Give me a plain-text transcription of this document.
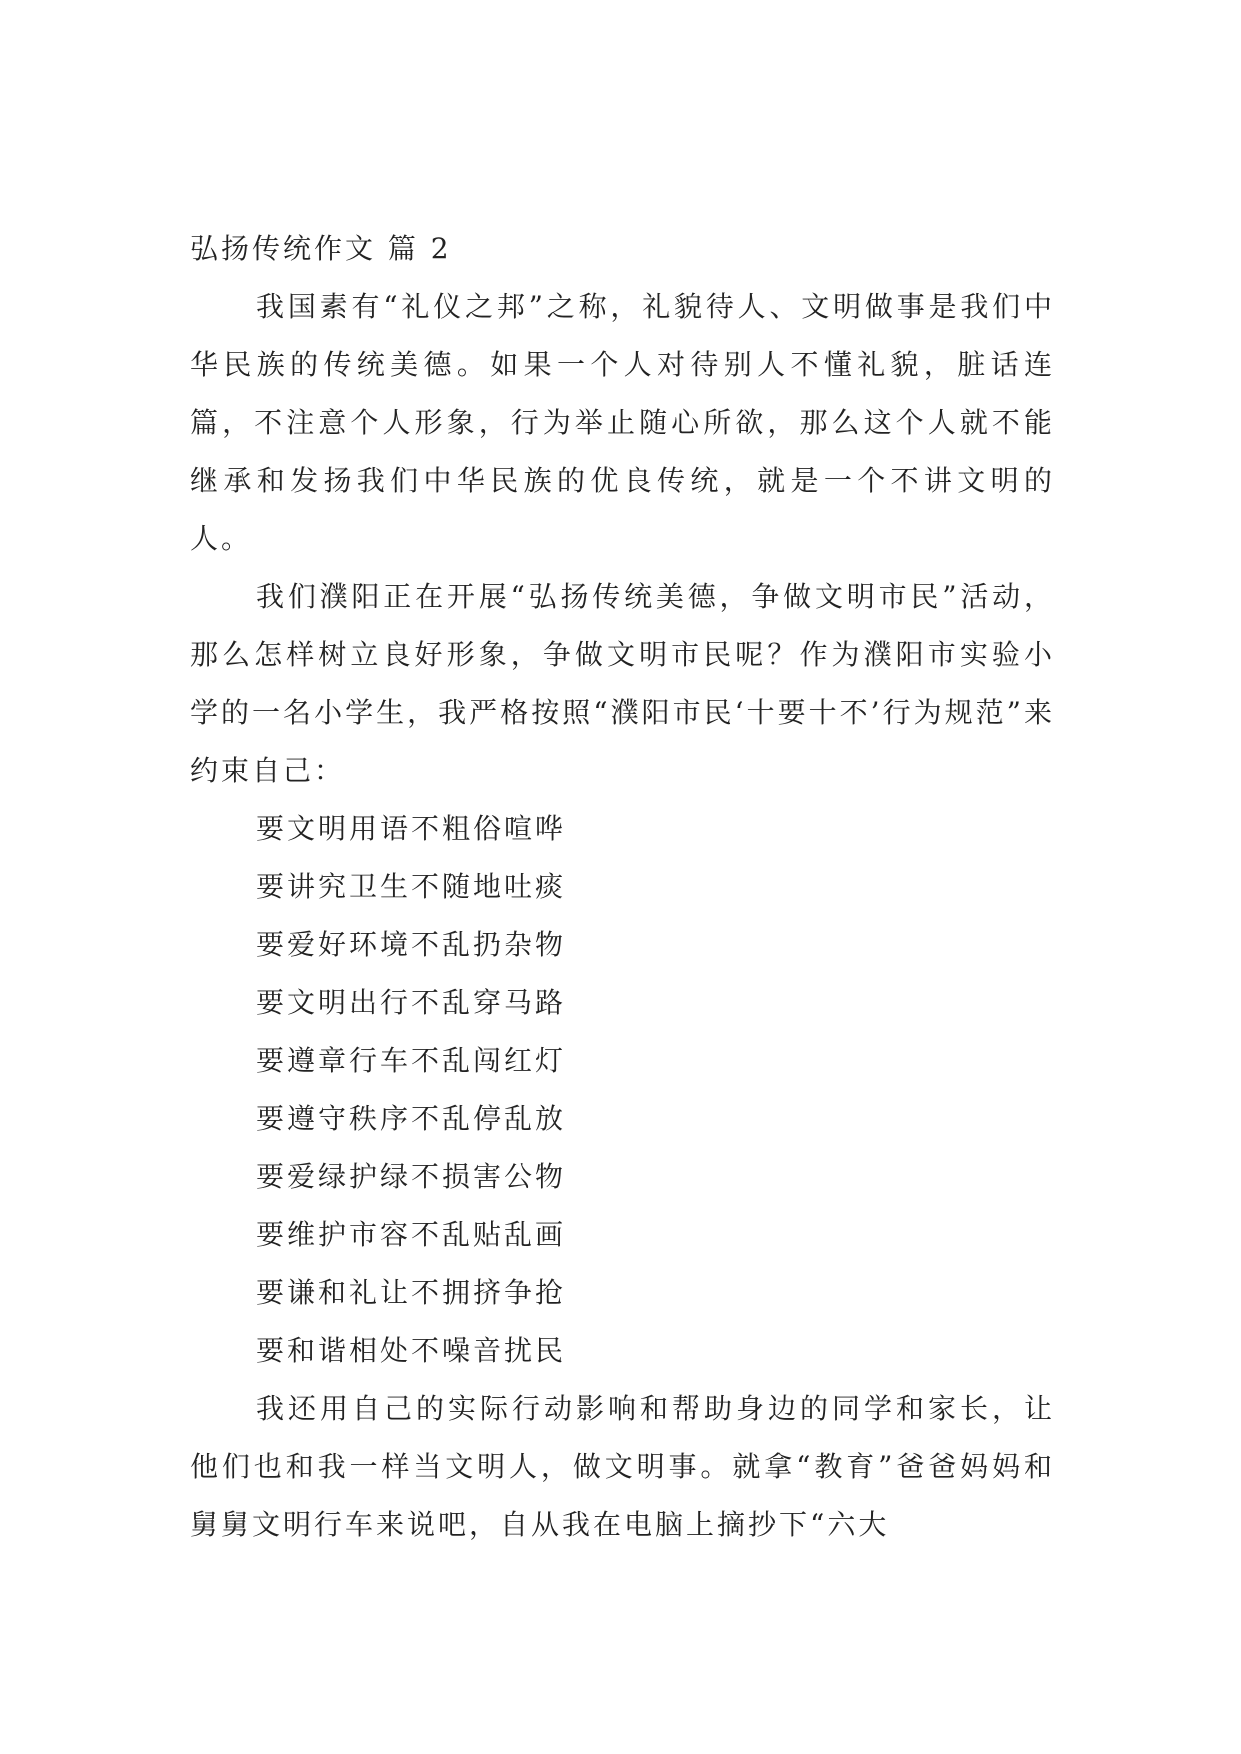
弘扬传统作文 篇 2

我国素有“礼仪之邦”之称，礼貌待人、文明做事是我们中华民族的传统美德。如果一个人对待别人不懂礼貌，脏话连篇，不注意个人形象，行为举止随心所欲，那么这个人就不能继承和发扬我们中华民族的优良传统，就是一个不讲文明的人。

我们濮阳正在开展“弘扬传统美德，争做文明市民”活动，那么怎样树立良好形象，争做文明市民呢？作为濮阳市实验小学的一名小学生，我严格按照“濮阳市民‘十要十不’行为规范”来约束自己：

要文明用语不粗俗喧哗
要讲究卫生不随地吐痰
要爱好环境不乱扔杂物
要文明出行不乱穿马路
要遵章行车不乱闯红灯
要遵守秩序不乱停乱放
要爱绿护绿不损害公物
要维护市容不乱贴乱画
要谦和礼让不拥挤争抢
要和谐相处不噪音扰民

我还用自己的实际行动影响和帮助身边的同学和家长，让他们也和我一样当文明人，做文明事。就拿“教育”爸爸妈妈和舅舅文明行车来说吧，自从我在电脑上摘抄下“六大
